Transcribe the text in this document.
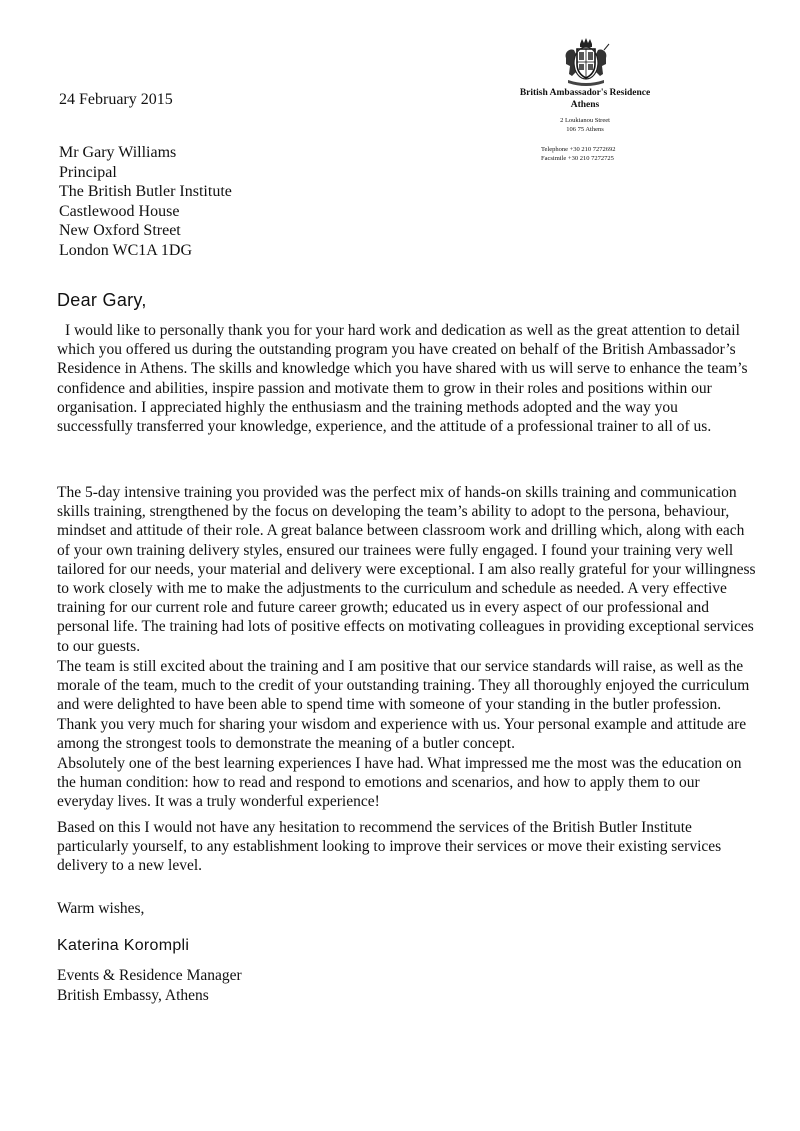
British Ambassador's Residence
Athens
2 Loukianou Street
106 75 Athens
Telephone +30 210 7272692
Facsimile +30 210 7272725
24 February 2015
Mr Gary Williams
Principal
The British Butler Institute
Castlewood House
New Oxford Street
London WC1A 1DG
Dear Gary,

I would like to personally thank you for your hard work and dedication as well as the great attention to detail which you offered us during the outstanding program you have created on behalf of the British Ambassador’s Residence in Athens. The skills and knowledge which you have shared with us will serve to enhance the team’s confidence and abilities, inspire passion and motivate them to grow in their roles and positions within our organisation. I appreciated highly the enthusiasm and the training methods adopted and the way you successfully transferred your knowledge, experience, and the attitude of a professional trainer to all of us.

The 5-day intensive training you provided was the perfect mix of hands-on skills training and communication skills training, strengthened by the focus on developing the team’s ability to adopt to the persona, behaviour, mindset and attitude of their role. A great balance between classroom work and drilling which, along with each of your own training delivery styles, ensured our trainees were fully engaged. I found your training very well tailored for our needs, your material and delivery were exceptional. I am also really grateful for your willingness to work closely with me to make the adjustments to the curriculum and schedule as needed. A very effective training for our current role and future career growth; educated us in every aspect of our professional and personal life. The training had lots of positive effects on motivating colleagues in providing exceptional services to our guests.

The team is still excited about the training and I am positive that our service standards will raise, as well as the morale of the team, much to the credit of your outstanding training. They all thoroughly enjoyed the curriculum and were delighted to have been able to spend time with someone of your standing in the butler profession. Thank you very much for sharing your wisdom and experience with us. Your personal example and attitude are among the strongest tools to demonstrate the meaning of a butler concept.

Absolutely one of the best learning experiences I have had. What impressed me the most was the education on the human condition: how to read and respond to emotions and scenarios, and how to apply them to our everyday lives. It was a truly wonderful experience!

Based on this I would not have any hesitation to recommend the services of the British Butler Institute particularly yourself, to any establishment looking to improve their services or move their existing services delivery to a new level.

Warm wishes,
Katerina Korompli
Events & Residence Manager
British Embassy, Athens
